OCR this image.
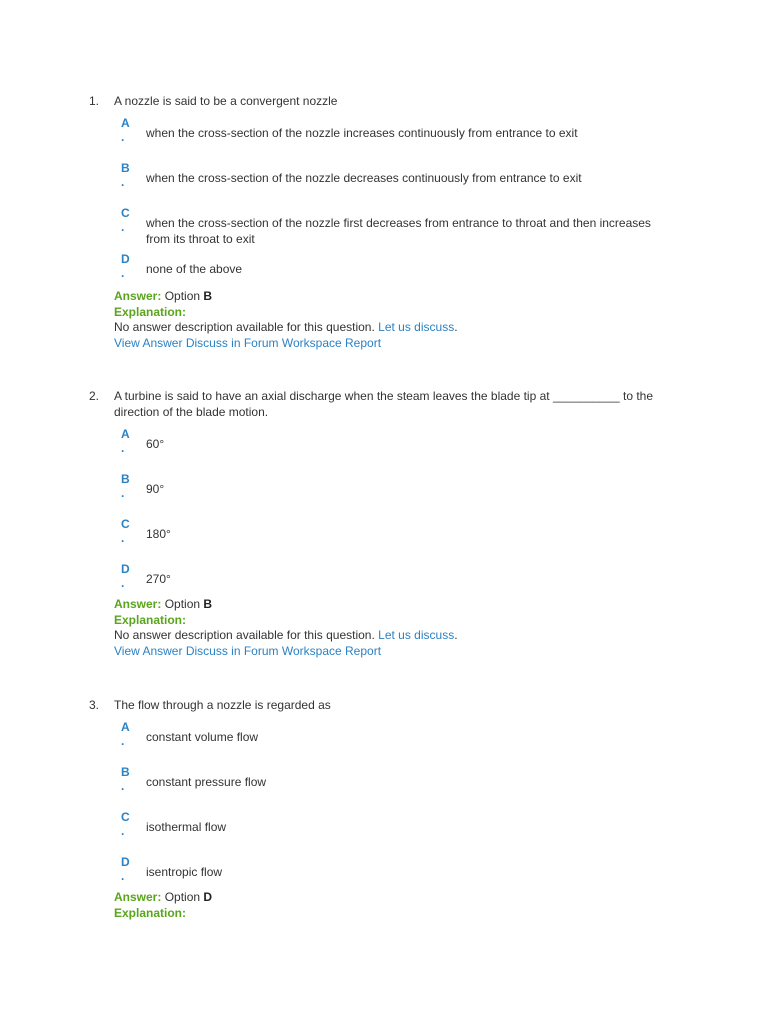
1. A nozzle is said to be a convergent nozzle
A
.	when the cross-section of the nozzle increases continuously from entrance to exit
B
.	when the cross-section of the nozzle decreases continuously from entrance to exit
C
.	when the cross-section of the nozzle first decreases from entrance to throat and then increases from its throat to exit
D
.	none of the above
Answer: Option B
Explanation:
No answer description available for this question. Let us discuss.
View Answer Discuss in Forum Workspace Report
2. A turbine is said to have an axial discharge when the steam leaves the blade tip at __________ to the direction of the blade motion.
A
.	60°
B
.	90°
C
.	180°
D
.	270°
Answer: Option B
Explanation:
No answer description available for this question. Let us discuss.
View Answer Discuss in Forum Workspace Report
3. The flow through a nozzle is regarded as
A
.	constant volume flow
B
.	constant pressure flow
C
.	isothermal flow
D
.	isentropic flow
Answer: Option D
Explanation:
